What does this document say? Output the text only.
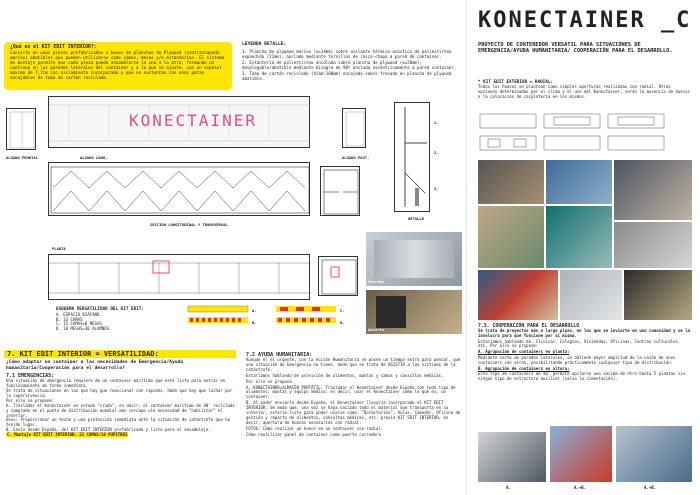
¿Qué es el KIT EDIT INTERIOR?:
Consiste en unas piezas prefabricadas a bases de planchas de Plywood (contrachapado marino) abatibles que pueden utilizarse como camas, mesas y/o estanterías. El sistema de montaje permite que cada pieza pueda ensamblarse la una a la otra, formando un continuo en las paredes laterales del container y a lo que se ajuste, con un espesor máximo de 7,7cm con aislamiento incorporado y que se sustentan con unas patas encajables de tubo de cartón reciclado.
LEYENDA DETALLE:

1. Plancha de plywood marino (e=14mm) sobre aislante térmico-acústico de poliestireno expandido (21mm), anclado mediante tornillos de rosca-chapa a pared de container.

2. Estantería de poliestireno encolada sobre plancha de plywood (e=28mm), desplegable/abatible mediante bisagra de 90º anclada excéntricamente a pared container.

3. Tubo de cartón reciclado (diám:100mm) encajado sobre fresado en plancha de plywood abatible.

KONECTAINER
ALZADO FRONTAL	ALZADO LONG.	ALZADO POST.
DETALLE
1.
2.
3.
SECCIÓN LONGITUDINAL Y TRANSVERSAL
PLANTA
Cerrado
Abierto
ESQUEMA VERSATILIDAD DEL KIT EDIT:
A. ESPACIO DIÁFANO.
B. 33 CAMAS
C. 15 CAMAS+8 MESAS
D. 10 MESAS=30 ALUMNOS.
A.
B.
C.
D.
7. KIT EDIT INTERIOR = VERSATILIDAD:
¿Cómo adaptar un container a las necesidades de Emergencia/Ayuda humanitaria/Cooperación para el desarrollo?
7.1 EMERGENCIAS:

Una situación de emergencia requiere de un container marítimo que esté listo para entrar en funcionamiento de forma inmediata.

Se trata de situaciones en las que hay que reaccionar con rapidez, dado que hay que luchar por la supervivencia.

Por ello se propone:

A. Trasladar el Konectainer en estado "crudo", es decir, el container marítimo de 40' reciclado y comprado en el punto de distribución mundial más cercano sin necesidad de "habilitar" el interior.

Usos: Proporcionar un techo y una protección inmediata ante la situación de catástrofe que ha tenido lugar.

B. Envío desde España, del KIT EDIT INTERIOR prefabricado y listo para el ensamblaje:

C. Montaje KIT EDIT INTERIOR: 33 CAMAS/10 PUPITRES

7.2 AYUDA HUMANITARIA:

Aunque el el urgente, con la Acción Humanitaria se posee un tiempo extra para pensar, que una situación de Emergencia no tiene, dado que se trata de ASISTIR a las víctimas de la catástrofe.

Estaríamos hablando de provisión de alimentos, mantas y camas y consultas médicas.

Por ello se propone:

A. KONECTAINER=ALMACÉN PORTÁTIL: Trasladar el Konectainer desde España con todo tipo de alimentos, mantas y equipo médico, es decir, usar el Konectainer como lo que es, un container.

B. Al poder enviarlo desde España, el Konectainer llevaría incorporado el KIT EDIT INTERIOR, de modo que, una vez se haya vaciado todo el material que transporta en su interior, estaría listo para poder usarse como: "Dormitorios", Aulas, Comedor, Oficina de gestión y reparto de alimentos, consultas médicas, etc. previo KIT EDIT INTERIOR, es decir, apertura de huecos necesarios con radial.

FOTOS: Cómo realizar un hueco en un container con radial.

Cómo reutilizar panel de container como puerta corredera.

KONECTAINER _C
PROYECTO DE CONTENEDOR VERSATIL PARA SITUACIONES DE EMERGENCIA/AYUDA HUMANITARIA/ COOPERACIÓN PARA EL DESARROLLO.
* KIT EDIT EXTERIOR = RADIAL:

Todos los huecos se plantean como simples aperturas realizadas con radial. Otras opciones determinadas por el clima y el uso del Konectainer, serán la ausencia de huecos o la colocación de carpintería en los mismos.

7.3. COOPERACIÓN PARA EL DESARROLLO

Se trata de proyectos más a largo plazo, en los que se invierte en una comunidad y se la involucra para que funcione por sí misma.

Estaríamos hablando de: Clínicas, Colegios, Viviendas, Oficinas, Centros culturales, etc. Por ello se propone:

A. Agrupación de containers en planta:

Mediante corte de paredes laterales, se obtiene mayor amplitud de la unión de unos containers con otros, posibilitando prácticamente cualquier tipo de distribución.

B. Agrupación de containers en altura:

Este tipo de containers de 40' permite apilarse uno encima de otro hasta 5 plantas sin ningún tipo de estructura auxiliar (salvo la cimentación).

A.	A.+B.	A.+B.
